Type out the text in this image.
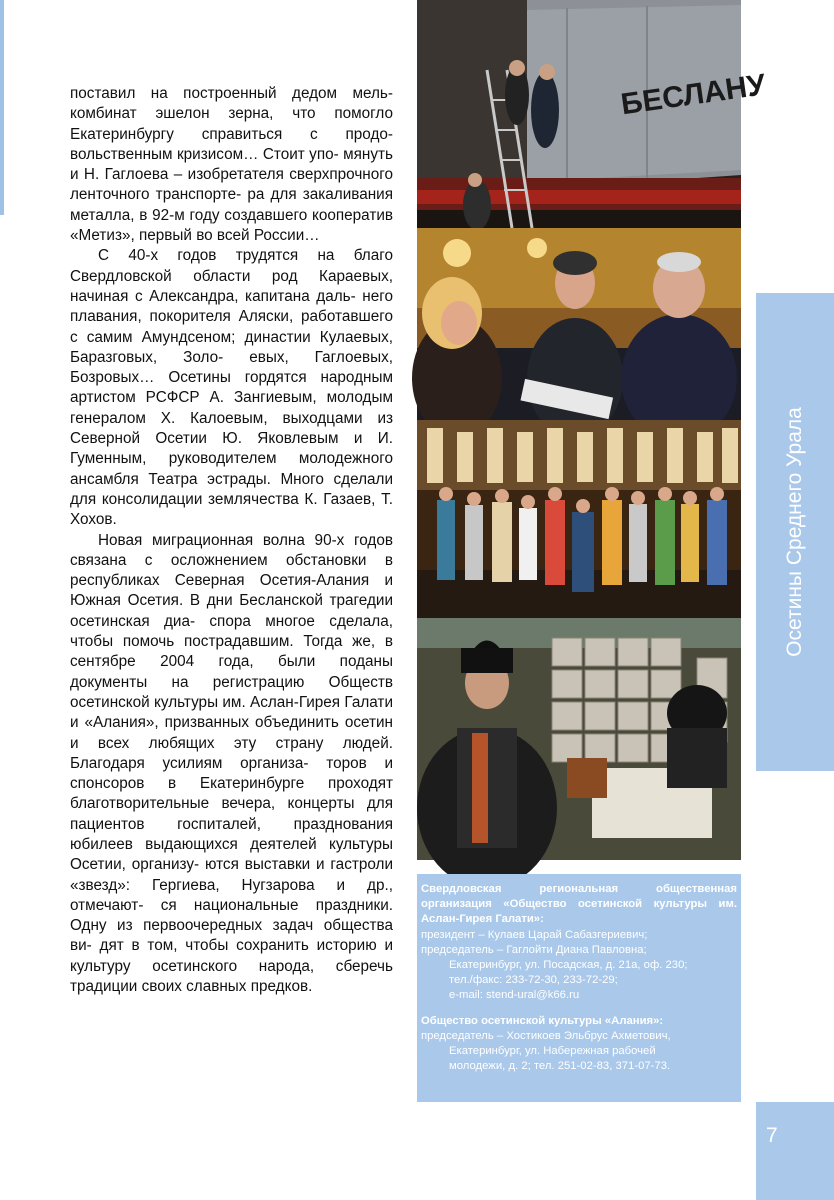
поставил на построенный дедом мель- комбинат эшелон зерна, что помогло Екатеринбургу справиться с продо- вольственным кризисом… Стоит упо- мянуть и Н. Гаглоева – изобретателя сверхпрочного ленточного транспорте- ра для закаливания металла, в 92-м году создавшего кооператив «Метиз», первый во всей России…

С 40-х годов трудятся на благо Свердловской области род Караевых, начиная с Александра, капитана даль- него плавания, покорителя Аляски, работавшего с самим Амундсеном; династии Кулаевых, Баразговых, Золо- евых, Гаглоевых, Бозровых… Осетины гордятся народным артистом РСФСР А. Зангиевым, молодым генералом Х. Калоевым, выходцами из Северной Осетии Ю. Яковлевым и И. Гуменным, руководителем молодежного ансамбля Театра эстрады. Много сделали для консолидации землячества К. Газаев, Т. Хохов.

Новая миграционная волна 90-х годов связана с осложнением обстановки в республиках Северная Осетия-Алания и Южная Осетия. В дни Бесланской трагедии осетинская диа- спора многое сделала, чтобы помочь пострадавшим. Тогда же, в сентябре 2004 года, были поданы документы на регистрацию Обществ осетинской культуры им. Аслан-Гирея Галати и «Алания», призванных объединить осетин и всех любящих эту страну людей. Благодаря усилиям организа- торов и спонсоров в Екатеринбурге проходят благотворительные вечера, концерты для пациентов госпиталей, празднования юбилеев выдающихся деятелей культуры Осетии, организу- ются выставки и гастроли «звезд»: Гергиева, Нугзарова и др., отмечают- ся национальные праздники. Одну из первоочередных задач общества ви- дят в том, чтобы сохранить историю и культуру осетинского народа, сберечь традиции своих славных предков.

БЕСЛАНУ

Свердловская региональная общественная организация «Общество осетинской культуры им. Аслан-Гирея Галати»:

президент – Кулаев Царай Сабазгериевич;

председатель – Гаглойти Диана Павловна;

Екатеринбург, ул. Посадская, д. 21а, оф. 230;

тел./факс: 233-72-30, 233-72-29;

e-mail: stend-ural@k66.ru

Общество осетинской культуры «Алания»:

председатель – Хостикоев Эльбрус Ахметович,

Екатеринбург, ул. Набережная рабочей

молодежи, д. 2; тел. 251-02-83, 371-07-73.

Осетины Среднего Урала
7
